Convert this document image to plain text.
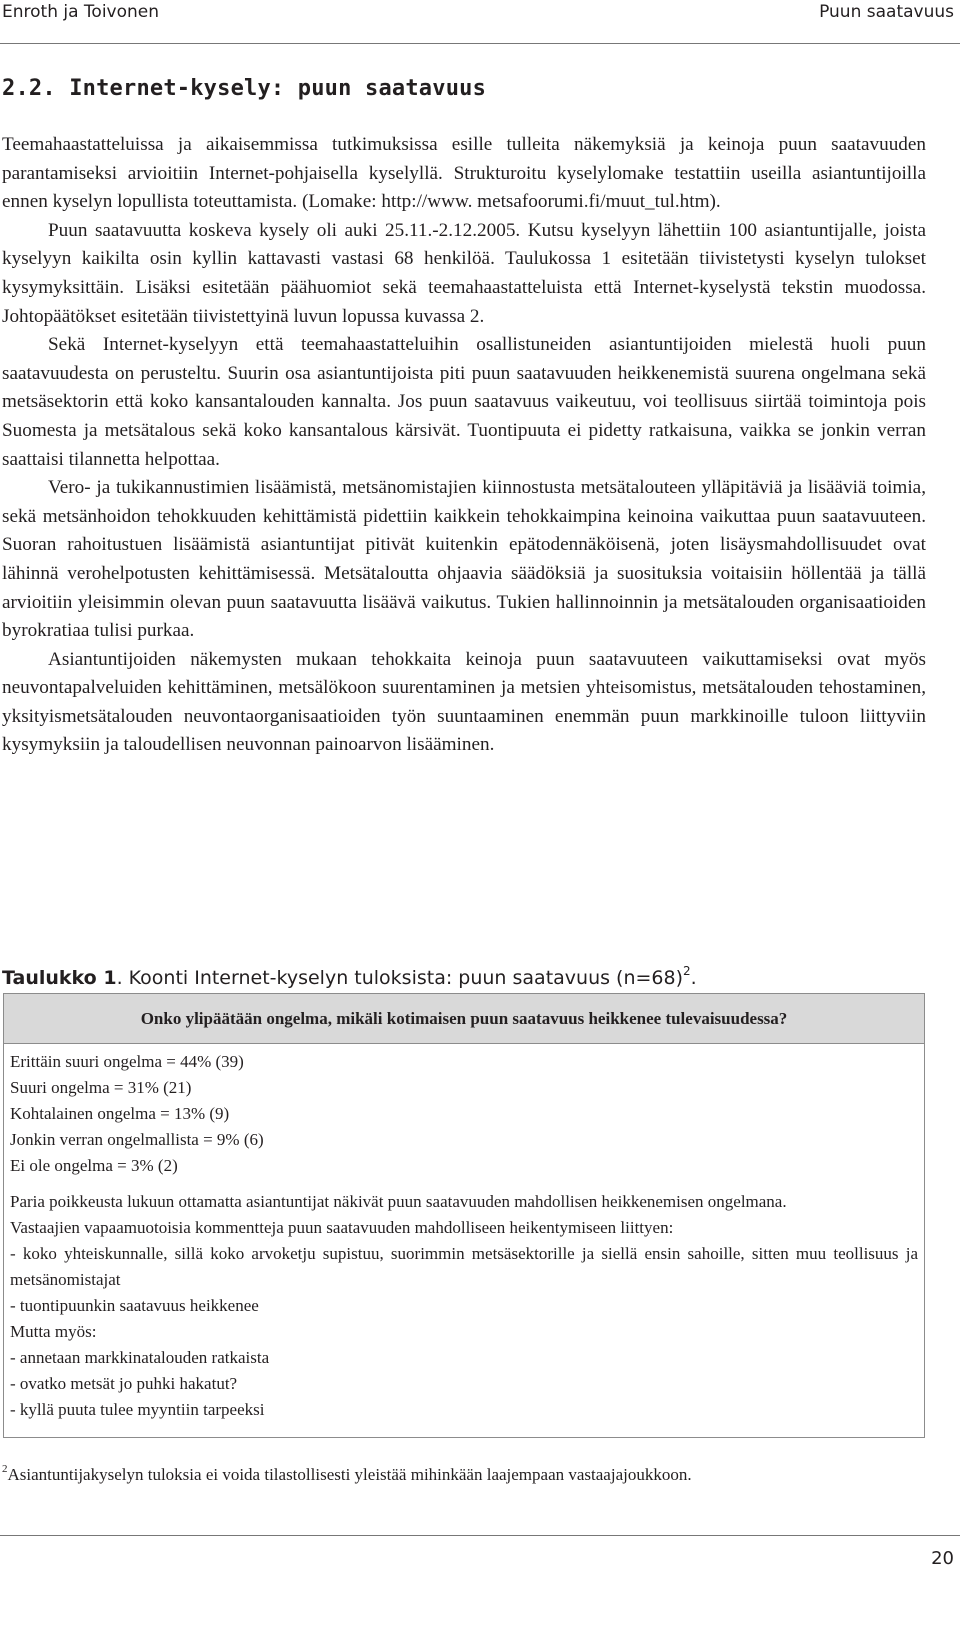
Enroth ja Toivonen	Puun saatavuus
2.2. Internet-kysely: puun saatavuus

Teemahaastatteluissa ja aikaisemmissa tutkimuksissa esille tulleita näkemyksiä ja keinoja puun saatavuuden parantamiseksi arvioitiin Internet-pohjaisella kyselyllä. Strukturoitu kyselylomake testattiin useilla asiantuntijoilla ennen kyselyn lopullista toteuttamista. (Lomake: http://www. metsafoorumi.fi/muut_tul.htm).

Puun saatavuutta koskeva kysely oli auki 25.11.-2.12.2005. Kutsu kyselyyn lähettiin 100 asiantuntijalle, joista kyselyyn kaikilta osin kyllin kattavasti vastasi 68 henkilöä. Taulukossa 1 esitetään tiivistetysti kyselyn tulokset kysymyksittäin. Lisäksi esitetään päähuomiot sekä teemahaastatteluista että Internet-kyselystä tekstin muodossa. Johtopäätökset esitetään tiivistettyinä luvun lopussa kuvassa 2.

Sekä Internet-kyselyyn että teemahaastatteluihin osallistuneiden asiantuntijoiden mielestä huoli puun saatavuudesta on perusteltu. Suurin osa asiantuntijoista piti puun saatavuuden heikkenemistä suurena ongelmana sekä metsäsektorin että koko kansantalouden kannalta. Jos puun saatavuus vaikeutuu, voi teollisuus siirtää toimintoja pois Suomesta ja metsätalous sekä koko kansantalous kärsivät. Tuontipuuta ei pidetty ratkaisuna, vaikka se jonkin verran saattaisi tilannetta helpottaa.

Vero- ja tukikannustimien lisäämistä, metsänomistajien kiinnostusta metsätalouteen ylläpitäviä ja lisääviä toimia, sekä metsänhoidon tehokkuuden kehittämistä pidettiin kaikkein tehokkaimpina keinoina vaikuttaa puun saatavuuteen. Suoran rahoitustuen lisäämistä asiantuntijat pitivät kuitenkin epätodennäköisenä, joten lisäysmahdollisuudet ovat lähinnä verohelpotusten kehittämisessä. Metsätaloutta ohjaavia säädöksiä ja suosituksia voitaisiin höllentää ja tällä arvioitiin yleisimmin olevan puun saatavuutta lisäävä vaikutus. Tukien hallinnoinnin ja metsätalouden organisaatioiden byrokratiaa tulisi purkaa.

Asiantuntijoiden näkemysten mukaan tehokkaita keinoja puun saatavuuteen vaikuttamiseksi ovat myös neuvontapalveluiden kehittäminen, metsälökoon suurentaminen ja metsien yhteisomistus, metsätalouden tehostaminen, yksityismetsätalouden neuvontaorganisaatioiden työn suuntaaminen enemmän puun markkinoille tuloon liittyviin kysymyksiin ja taloudellisen neuvonnan painoarvon lisääminen.

Taulukko 1. Koonti Internet-kyselyn tuloksista: puun saatavuus (n=68)$^2$.
Onko ylipäätään ongelma, mikäli kotimaisen puun saatavuus heikkenee tulevaisuudessa?
Erittäin suuri ongelma = 44% (39)
Suuri ongelma = 31% (21)
Kohtalainen ongelma = 13% (9)
Jonkin verran ongelmallista = 9% (6)
Ei ole ongelma = 3% (2)
Paria poikkeusta lukuun ottamatta asiantuntijat näkivät puun saatavuuden mahdollisen heikkenemisen ongelmana.
Vastaajien vapaamuotoisia kommentteja puun saatavuuden mahdolliseen heikentymiseen liittyen:
- koko yhteiskunnalle, sillä koko arvoketju supistuu, suorimmin metsäsektorille ja siellä ensin sahoille, sitten muu teollisuus ja metsänomistajat
- tuontipuunkin saatavuus heikkenee
Mutta myös:
- annetaan markkinatalouden ratkaista
- ovatko metsät jo puhki hakatut?
- kyllä puuta tulee myyntiin tarpeeksi
$^2$Asiantuntijakyselyn tuloksia ei voida tilastollisesti yleistää mihinkään laajempaan vastaajajoukkoon.
20
